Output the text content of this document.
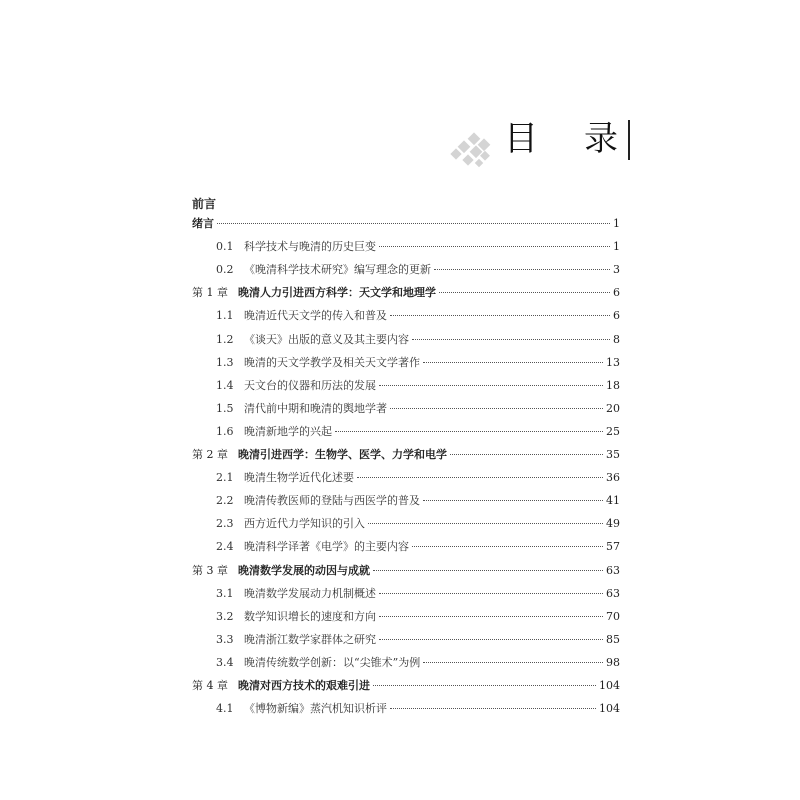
目 录
前言
绪言	1
0.1 科学技术与晚清的历史巨变	1
0.2 《晚清科学技术研究》编写理念的更新	3
第 1 章 晚清人力引进西方科学：天文学和地理学	6
1.1 晚清近代天文学的传入和普及	6
1.2 《谈天》出版的意义及其主要内容	8
1.3 晚清的天文学教学及相关天文学著作	13
1.4 天文台的仪器和历法的发展	18
1.5 清代前中期和晚清的舆地学著	20
1.6 晚清新地学的兴起	25
第 2 章 晚清引进西学：生物学、医学、力学和电学	35
2.1 晚清生物学近代化述要	36
2.2 晚清传教医师的登陆与西医学的普及	41
2.3 西方近代力学知识的引入	49
2.4 晚清科学译著《电学》的主要内容	57
第 3 章 晚清数学发展的动因与成就	63
3.1 晚清数学发展动力机制概述	63
3.2 数学知识增长的速度和方向	70
3.3 晚清浙江数学家群体之研究	85
3.4 晚清传统数学创新：以“尖锥术”为例	98
第 4 章 晚清对西方技术的艰难引进	104
4.1 《博物新编》蒸汽机知识析评	104
